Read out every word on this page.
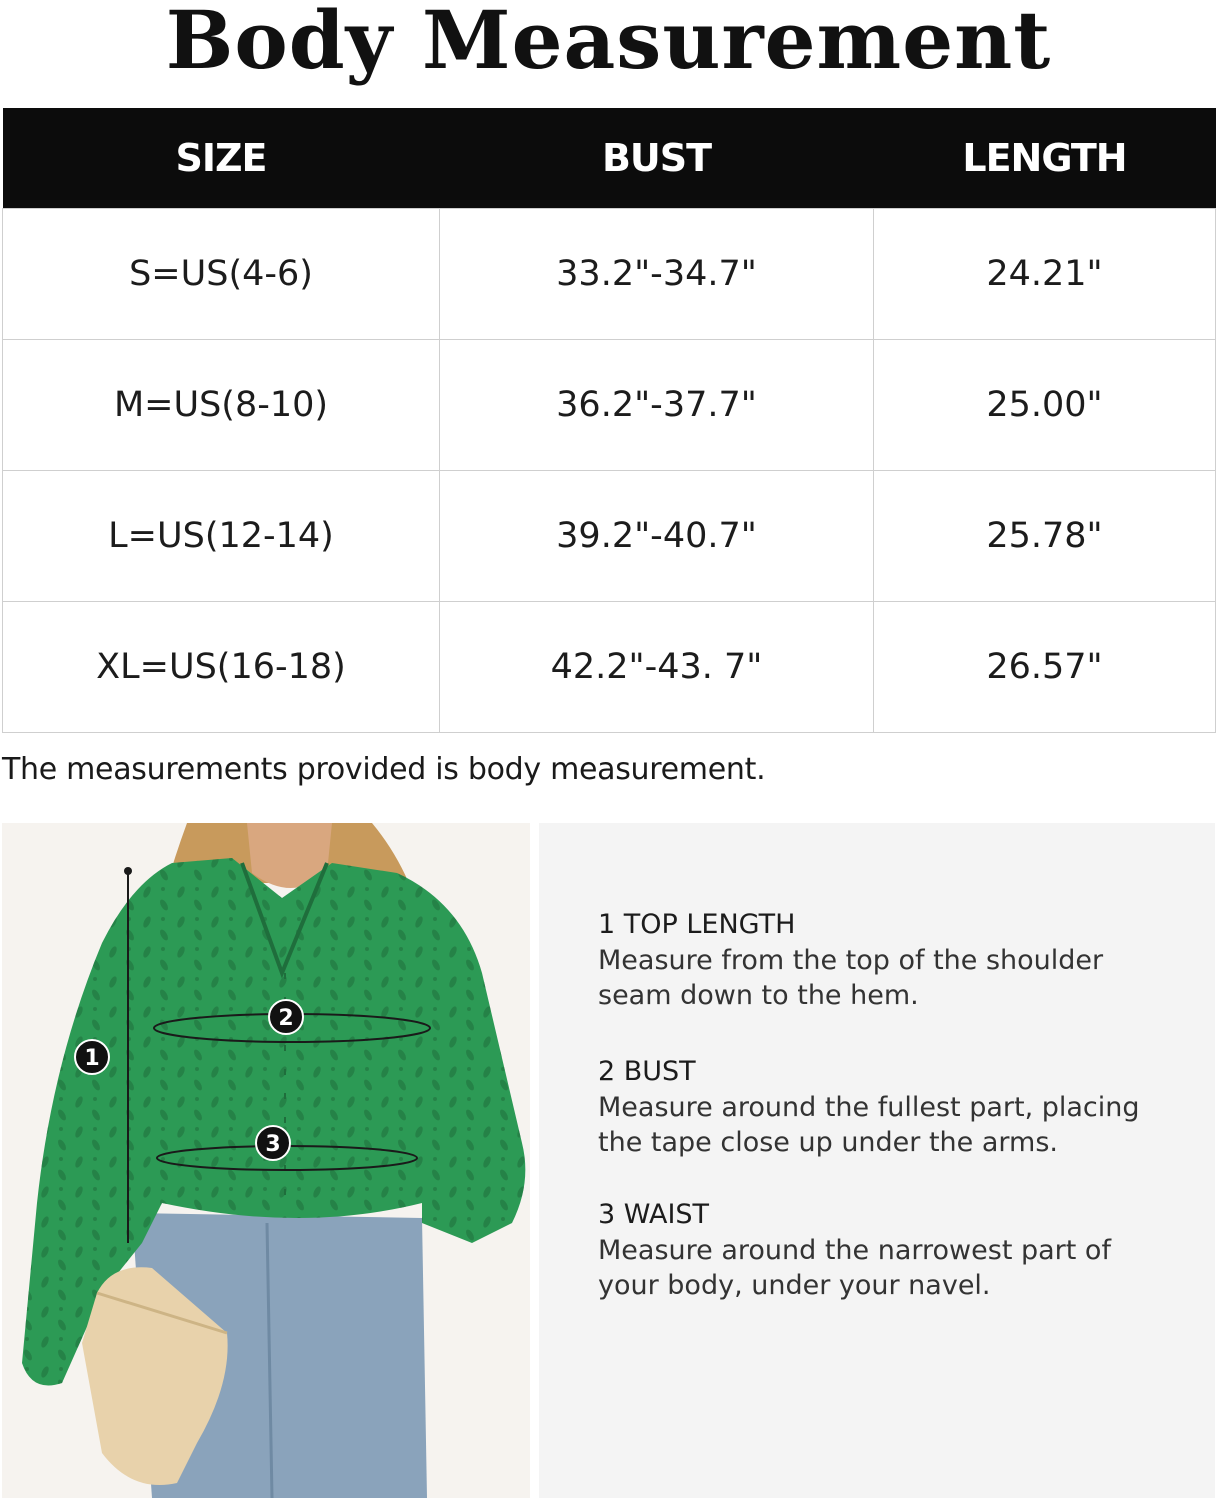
Body Measurement
SIZE	BUST	LENGTH
S=US(4-6)	33.2"-34.7"	24.21"
M=US(8-10)	36.2"-37.7"	25.00"
L=US(12-14)	39.2"-40.7"	25.78"
XL=US(16-18)	42.2"-43. 7"	26.57"
The measurements provided is body measurement.
1
2
3
1 TOP LENGTH
Measure from the top of the shoulder
seam down to the hem.
2 BUST
Measure around the fullest part, placing
the tape close up under the arms.
3 WAIST
Measure around the narrowest part of
your body, under your navel.
